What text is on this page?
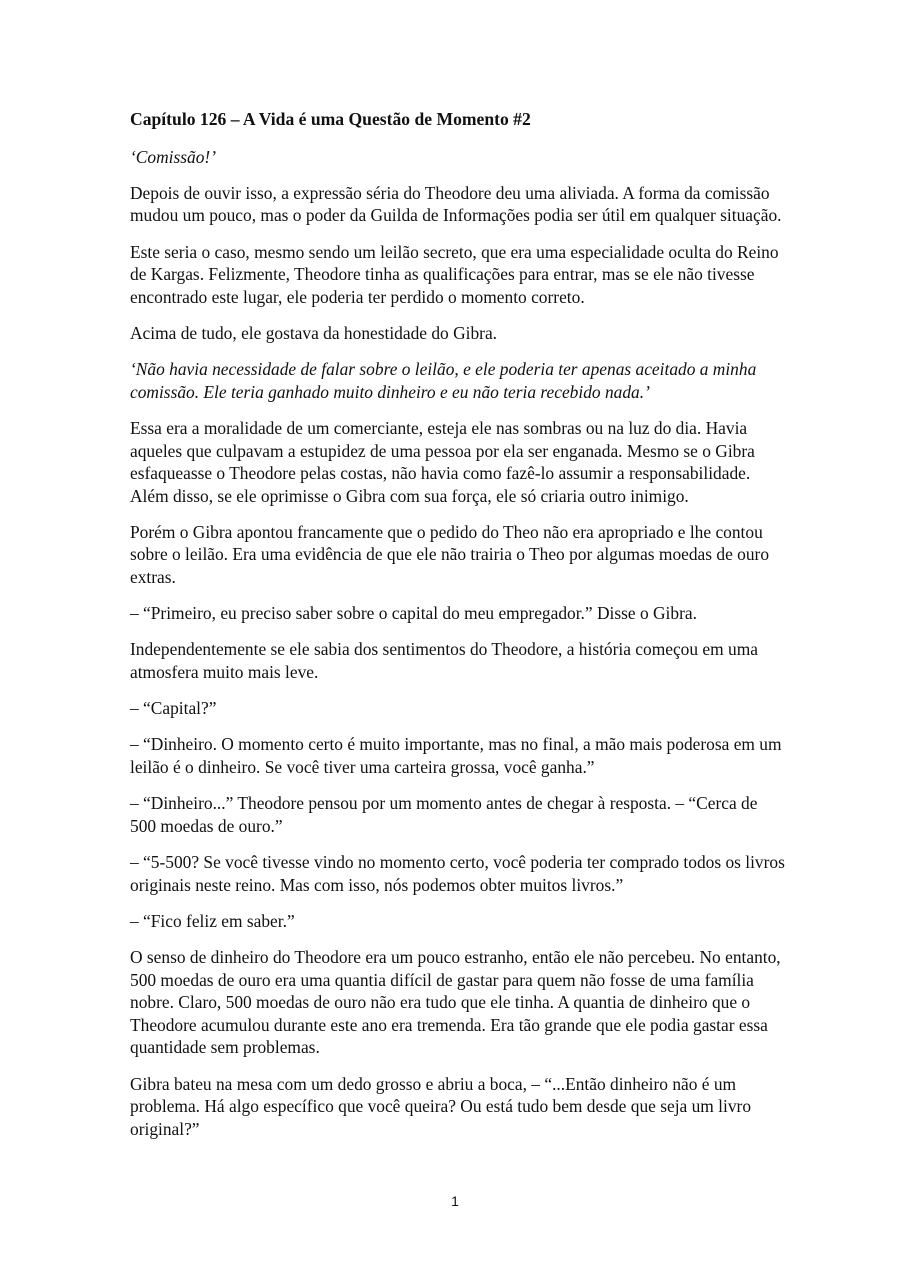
Capítulo 126 – A Vida é uma Questão de Momento #2

‘Comissão!’

Depois de ouvir isso, a expressão séria do Theodore deu uma aliviada. A forma da comissão mudou um pouco, mas o poder da Guilda de Informações podia ser útil em qualquer situação.

Este seria o caso, mesmo sendo um leilão secreto, que era uma especialidade oculta do Reino de Kargas. Felizmente, Theodore tinha as qualificações para entrar, mas se ele não tivesse encontrado este lugar, ele poderia ter perdido o momento correto.

Acima de tudo, ele gostava da honestidade do Gibra.

‘Não havia necessidade de falar sobre o leilão, e ele poderia ter apenas aceitado a minha comissão. Ele teria ganhado muito dinheiro e eu não teria recebido nada.’

Essa era a moralidade de um comerciante, esteja ele nas sombras ou na luz do dia. Havia aqueles que culpavam a estupidez de uma pessoa por ela ser enganada. Mesmo se o Gibra esfaqueasse o Theodore pelas costas, não havia como fazê-lo assumir a responsabilidade. Além disso, se ele oprimisse o Gibra com sua força, ele só criaria outro inimigo.

Porém o Gibra apontou francamente que o pedido do Theo não era apropriado e lhe contou sobre o leilão. Era uma evidência de que ele não trairia o Theo por algumas moedas de ouro extras.

– “Primeiro, eu preciso saber sobre o capital do meu empregador.” Disse o Gibra.

Independentemente se ele sabia dos sentimentos do Theodore, a história começou em uma atmosfera muito mais leve.

– “Capital?”

– “Dinheiro. O momento certo é muito importante, mas no final, a mão mais poderosa em um leilão é o dinheiro. Se você tiver uma carteira grossa, você ganha.”

– “Dinheiro...” Theodore pensou por um momento antes de chegar à resposta. – “Cerca de 500 moedas de ouro.”

– “5-500? Se você tivesse vindo no momento certo, você poderia ter comprado todos os livros originais neste reino. Mas com isso, nós podemos obter muitos livros.”

– “Fico feliz em saber.”

O senso de dinheiro do Theodore era um pouco estranho, então ele não percebeu. No entanto, 500 moedas de ouro era uma quantia difícil de gastar para quem não fosse de uma família nobre. Claro, 500 moedas de ouro não era tudo que ele tinha. A quantia de dinheiro que o Theodore acumulou durante este ano era tremenda. Era tão grande que ele podia gastar essa quantidade sem problemas.

Gibra bateu na mesa com um dedo grosso e abriu a boca, – “...Então dinheiro não é um problema. Há algo específico que você queira? Ou está tudo bem desde que seja um livro original?”

1
